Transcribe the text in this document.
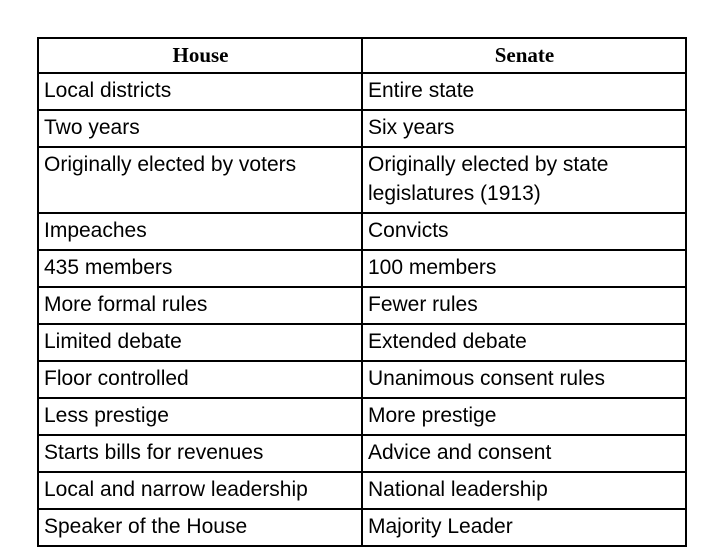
House	Senate
Local districts	Entire state
Two years	Six years
Originally elected by voters	Originally elected by state legislatures (1913)
Impeaches	Convicts
435 members	100 members
More formal rules	Fewer rules
Limited debate	Extended debate
Floor controlled	Unanimous consent rules
Less prestige	More prestige
Starts bills for revenues	Advice and consent
Local and narrow leadership	National leadership
Speaker of the House	Majority Leader
